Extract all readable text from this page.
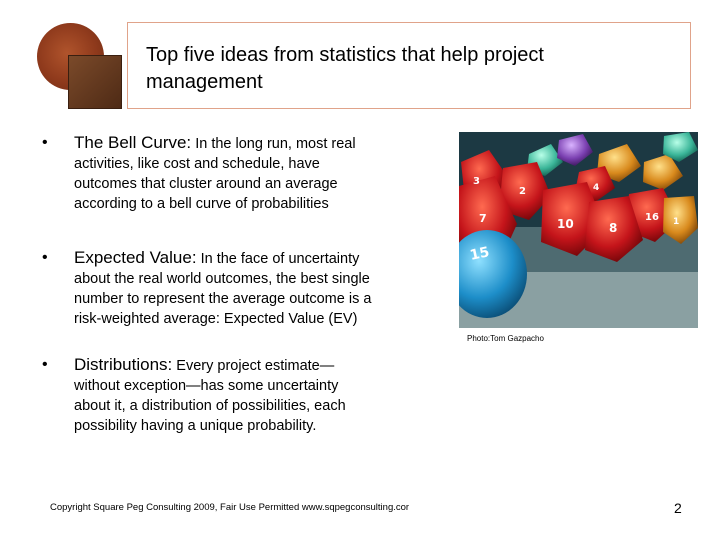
Top five ideas from statistics that help project
management
• The Bell Curve: In the long run, most real
activities, like cost and schedule, have
outcomes that cluster around an average
according to a bell curve of probabilities
• Expected Value: In the face of uncertainty
about the real world outcomes, the best single
number to represent the average outcome is a
risk-weighted average: Expected Value (EV)
• Distributions: Every project estimate—
without exception—has some uncertainty
about it, a distribution of possibilities, each
possibility having a unique probability.
15
10	8
2
7	16
3
4
1
Photo:Tom Gazpacho
Copyright Square Peg Consulting 2009, Fair Use Permitted www.sqpegconsulting.cor	2
